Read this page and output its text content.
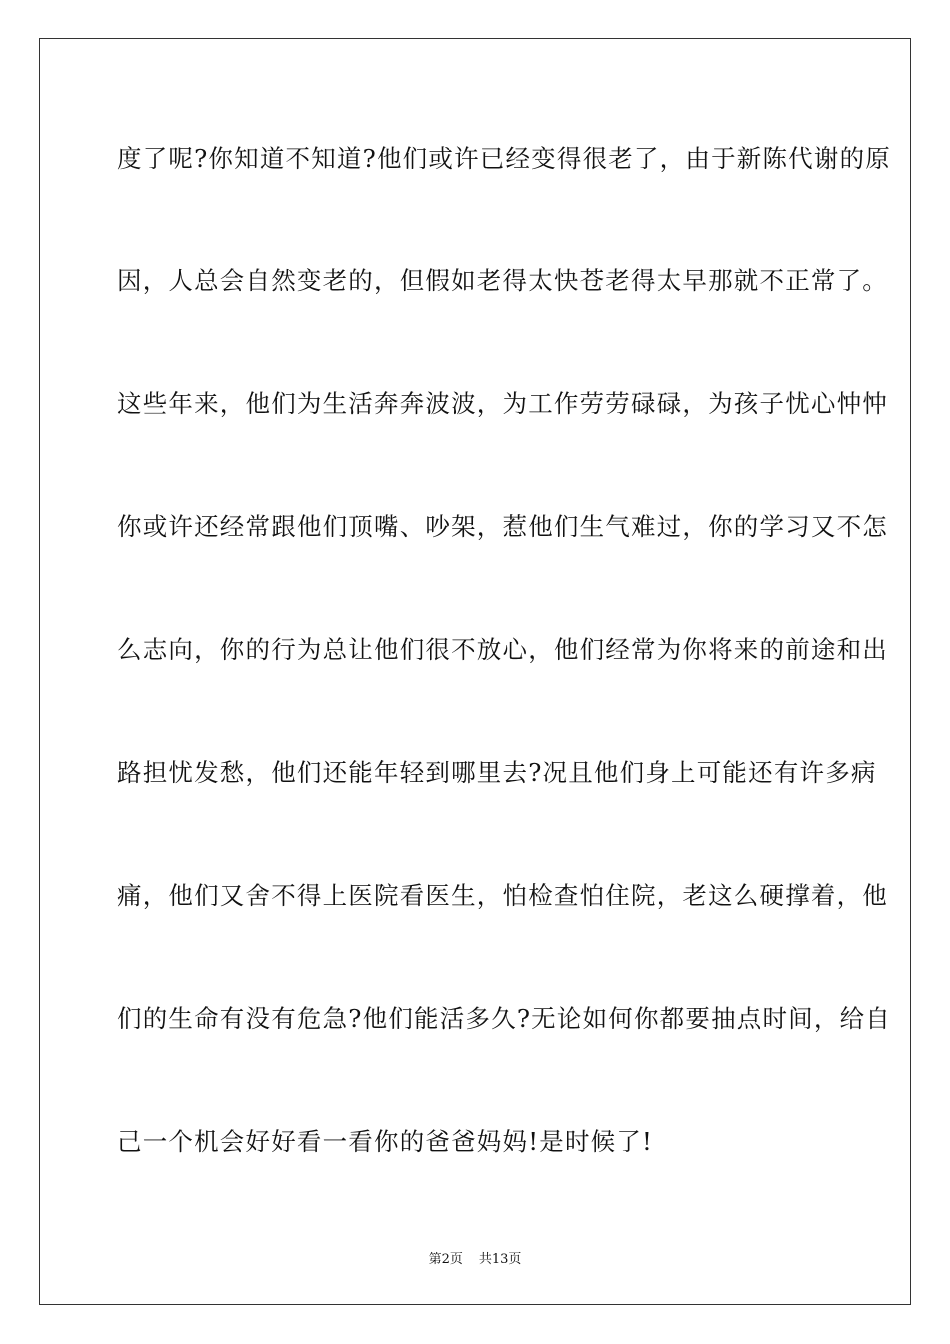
度了呢?你知道不知道?他们或许已经变得很老了，由于新陈代谢的原
因，人总会自然变老的，但假如老得太快苍老得太早那就不正常了。
这些年来，他们为生活奔奔波波，为工作劳劳碌碌，为孩子忧心忡忡
你或许还经常跟他们顶嘴、吵架，惹他们生气难过，你的学习又不怎
么志向，你的行为总让他们很不放心，他们经常为你将来的前途和出
路担忧发愁，他们还能年轻到哪里去?况且他们身上可能还有许多病
痛，他们又舍不得上医院看医生，怕检查怕住院，老这么硬撑着，他
们的生命有没有危急?他们能活多久?无论如何你都要抽点时间，给自
己一个机会好好看一看你的爸爸妈妈!是时候了!
第2页 共13页
